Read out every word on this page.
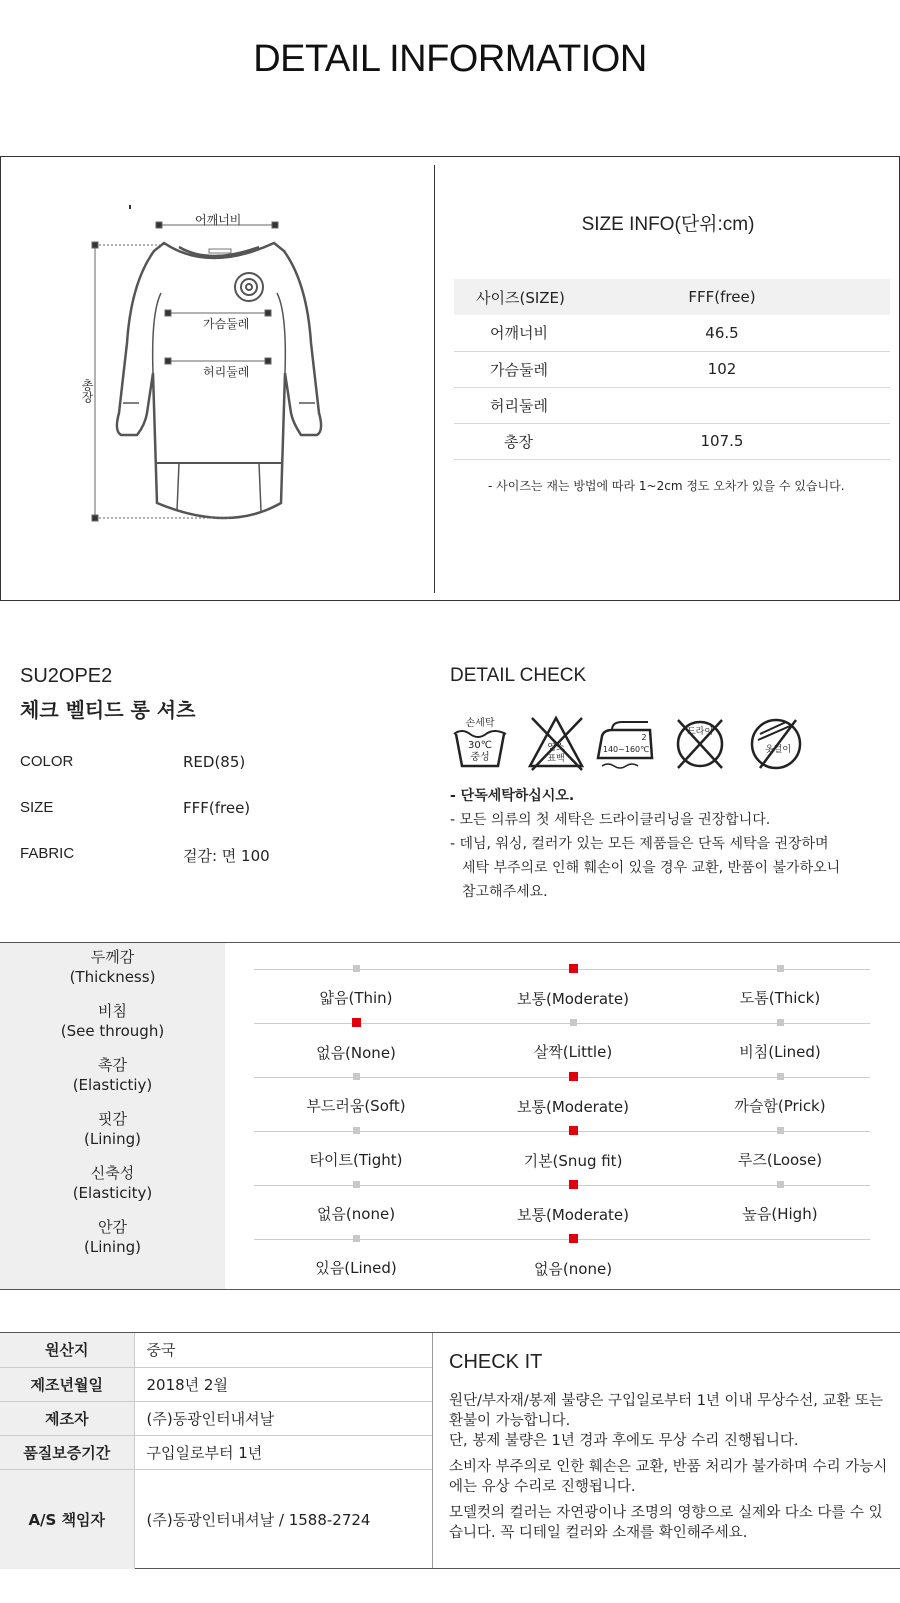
DETAIL INFORMATION
어깨너비
가슴둘레
허리둘레
총장
SIZE INFO(단위:cm)
사이즈(SIZE)	FFF(free)
어깨너비	46.5
가슴둘레	102
허리둘레	
총장	107.5
- 사이즈는 재는 방법에 따라 1~2cm 정도 오차가 있을 수 있습니다.
SU2OPE2
체크 벨티드 롱 셔츠
COLOR	RED(85)
SIZE	FFF(free)
FABRIC	겉감: 면 100
DETAIL CHECK
손세탁
30℃
중성
염소
표백
2
140~160℃
드라이
옷걸이
- 단독세탁하십시오.
- 모든 의류의 첫 세탁은 드라이클리닝을 권장합니다.
- 데님, 워싱, 컬러가 있는 모든 제품들은 단독 세탁을 권장하며
세탁 부주의로 인해 훼손이 있을 경우 교환, 반품이 불가하오니
참고해주세요.
두께감
(Thickness)
얇음(Thin)	보통(Moderate)	도톰(Thick)
비침
(See through)
없음(None)	살짝(Little)	비침(Lined)
촉감
(Elastictiy)
부드러움(Soft)	보통(Moderate)	까슬함(Prick)
핏감
(Lining)
타이트(Tight)	기본(Snug fit)	루즈(Loose)
신축성
(Elasticity)
없음(none)	보통(Moderate)	높음(High)
안감
(Lining)
있음(Lined)	없음(none)
원산지	중국
제조년월일	2018년 2월
제조자	(주)동광인터내셔날
품질보증기간	구입일로부터 1년
A/S 책임자	(주)동광인터내셔날 / 1588-2724
CHECK IT

원단/부자재/봉제 불량은 구입일로부터 1년 이내 무상수선, 교환 또는 환불이 가능합니다.

단, 봉제 불량은 1년 경과 후에도 무상 수리 진행됩니다.

소비자 부주의로 인한 훼손은 교환, 반품 처리가 불가하며 수리 가능시에는 유상 수리로 진행됩니다.

모델컷의 컬러는 자연광이나 조명의 영향으로 실제와 다소 다를 수 있습니다. 꼭 디테일 컬러와 소재를 확인해주세요.
